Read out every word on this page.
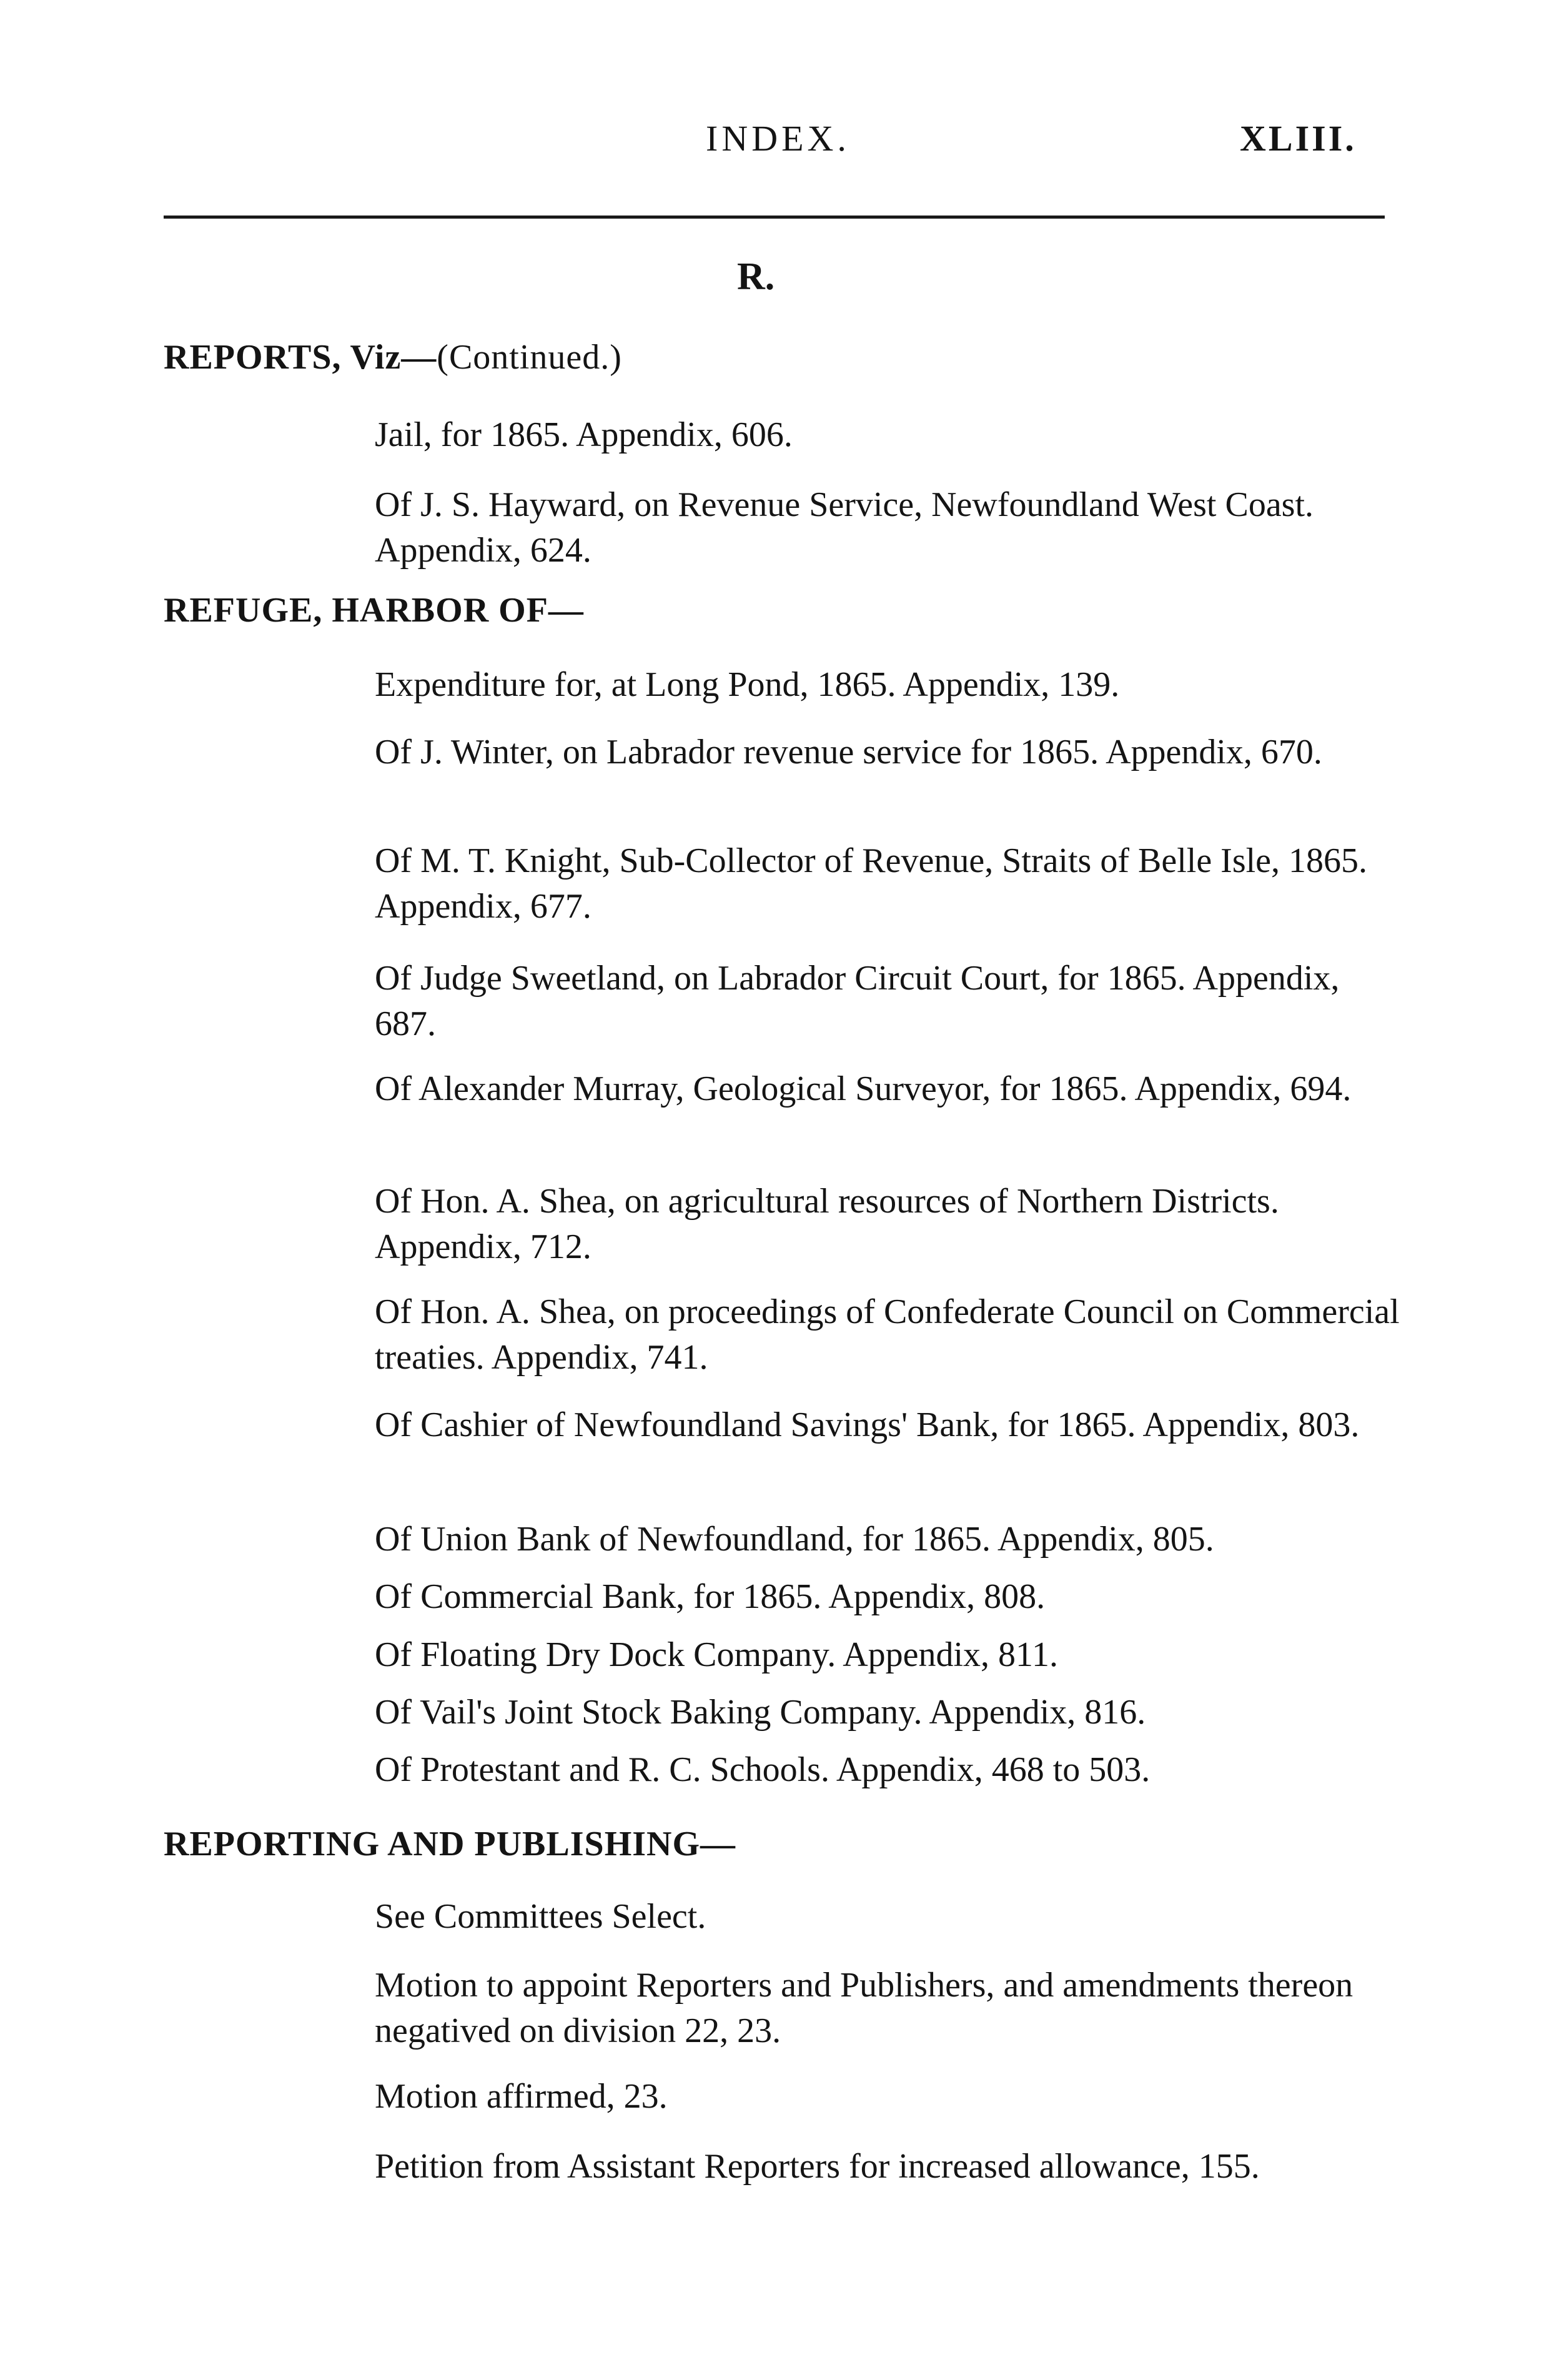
INDEX.	XLIII.
R.
REPORTS, Viz—(Continued.)
Jail, for 1865. Appendix, 606.
Of J. S. Hayward, on Revenue Service, Newfoundland West Coast. Appendix, 624.
REFUGE, HARBOR OF—
Expenditure for, at Long Pond, 1865. Appendix, 139.
Of J. Winter, on Labrador revenue service for 1865. Appendix, 670.
Of M. T. Knight, Sub-Collector of Revenue, Straits of Belle Isle, 1865. Appendix, 677.
Of Judge Sweetland, on Labrador Circuit Court, for 1865. Appendix, 687.
Of Alexander Murray, Geological Surveyor, for 1865. Appendix, 694.
Of Hon. A. Shea, on agricultural resources of Northern Districts. Appendix, 712.
Of Hon. A. Shea, on proceedings of Confederate Council on Commercial treaties. Appendix, 741.
Of Cashier of Newfoundland Savings' Bank, for 1865. Appendix, 803.
Of Union Bank of Newfoundland, for 1865. Appendix, 805.
Of Commercial Bank, for 1865. Appendix, 808.
Of Floating Dry Dock Company. Appendix, 811.
Of Vail's Joint Stock Baking Company. Appendix, 816.
Of Protestant and R. C. Schools. Appendix, 468 to 503.
REPORTING AND PUBLISHING—
See Committees Select.
Motion to appoint Reporters and Publishers, and amendments thereon negatived on division 22, 23.
Motion affirmed, 23.
Petition from Assistant Reporters for increased allowance, 155.
